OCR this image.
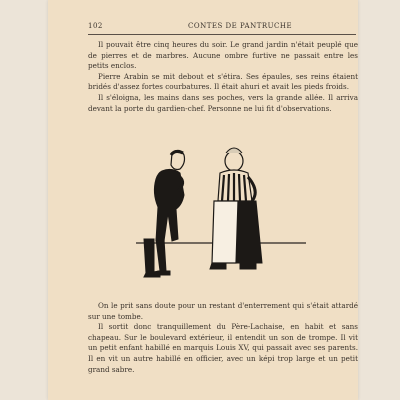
102	CONTES DE PANTRUCHE

Il pouvait être cinq heures du soir. Le grand jardin n'était peuplé que de pierres et de marbres. Aucune ombre furtive ne passait entre les petits enclos.

Pierre Arabin se mit debout et s'étira. Ses épaules, ses reins étaient bridés d'assez fortes courbatures. Il était ahuri et avait les pieds froids.

Il s'éloigna, les mains dans ses poches, vers la grande allée. Il arriva devant la porte du gardien-chef. Personne ne lui fit d'observations.

On le prit sans doute pour un restant d'enterrement qui s'était attardé sur une tombe.

Il sortit donc tranquillement du Père-Lachaise, en habit et sans chapeau. Sur le boulevard extérieur, il entendit un son de trompe. Il vit un petit enfant habillé en marquis Louis XV, qui passait avec ses parents. Il en vit un autre habillé en officier, avec un képi trop large et un petit grand sabre.
